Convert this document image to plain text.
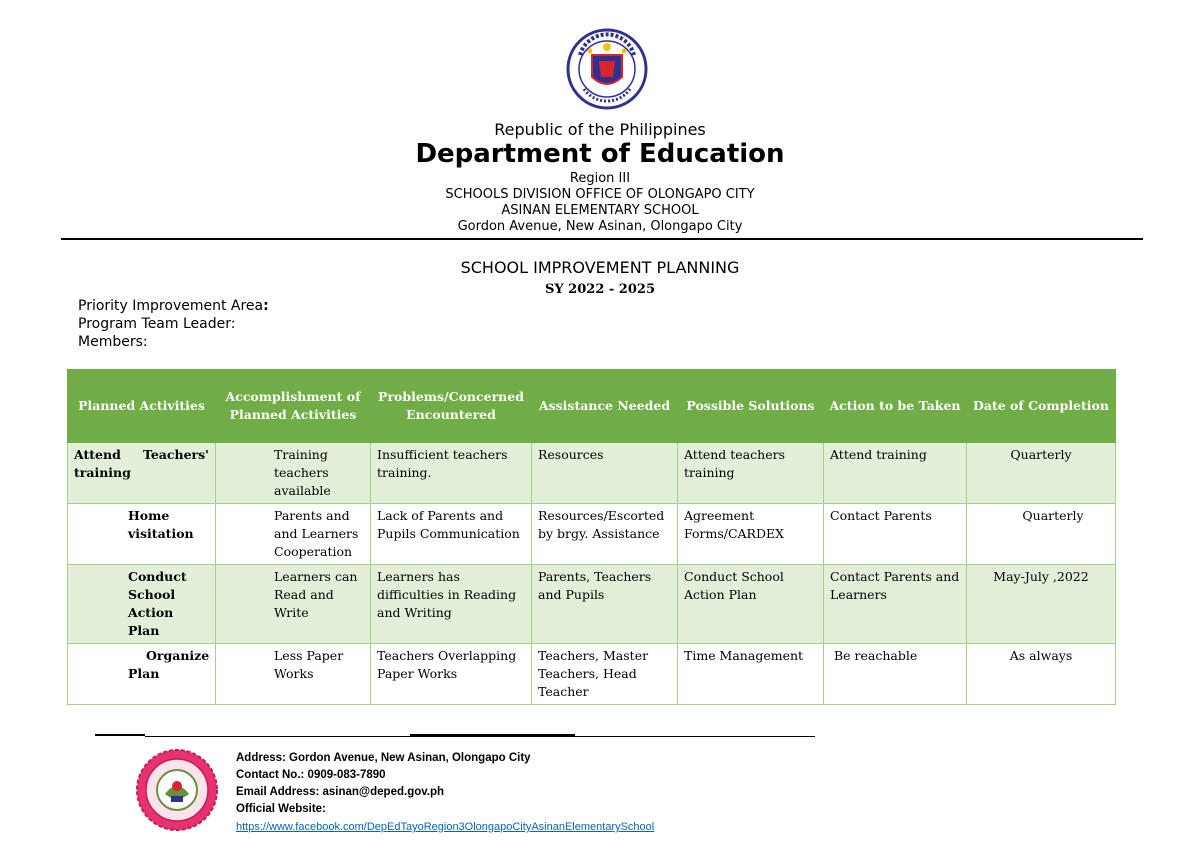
Republic of the Philippines
Department of Education
Region III
SCHOOLS DIVISION OFFICE OF OLONGAPO CITY
ASINAN ELEMENTARY SCHOOL
Gordon Avenue, New Asinan, Olongapo City
SCHOOL IMPROVEMENT PLANNING
SY 2022 - 2025
Priority Improvement Area:
Program Team Leader:
Members:
Planned Activities	Accomplishment of Planned Activities	Problems/Concerned Encountered	Assistance Needed	Possible Solutions	Action to be Taken	Date of Completion
Attend Teachers' training	Training teachers available	Insufficient teachers training.	Resources	Attend teachers training	Attend training	Quarterly
Home visitation	Parents and and Learners Cooperation	Lack of Parents and Pupils Communication	Resources/Escorted by brgy. Assistance	Agreement Forms/CARDEX	Contact Parents	Quarterly
Conduct School Action Plan	Learners can Read and Write	Learners has difficulties in Reading and Writing	Parents, Teachers and Pupils	Conduct School Action Plan	Contact Parents and Learners	May-July ,2022
Organize Plan	Less Paper Works	Teachers Overlapping Paper Works	Teachers, Master Teachers, Head Teacher	Time Management	Be reachable	As always
Address: Gordon Avenue, New Asinan, Olongapo City
Contact No.: 0909-083-7890
Email Address: asinan@deped.gov.ph
Official Website:
https://www.facebook.com/DepEdTayoRegion3OlongapoCityAsinanElementarySchool
